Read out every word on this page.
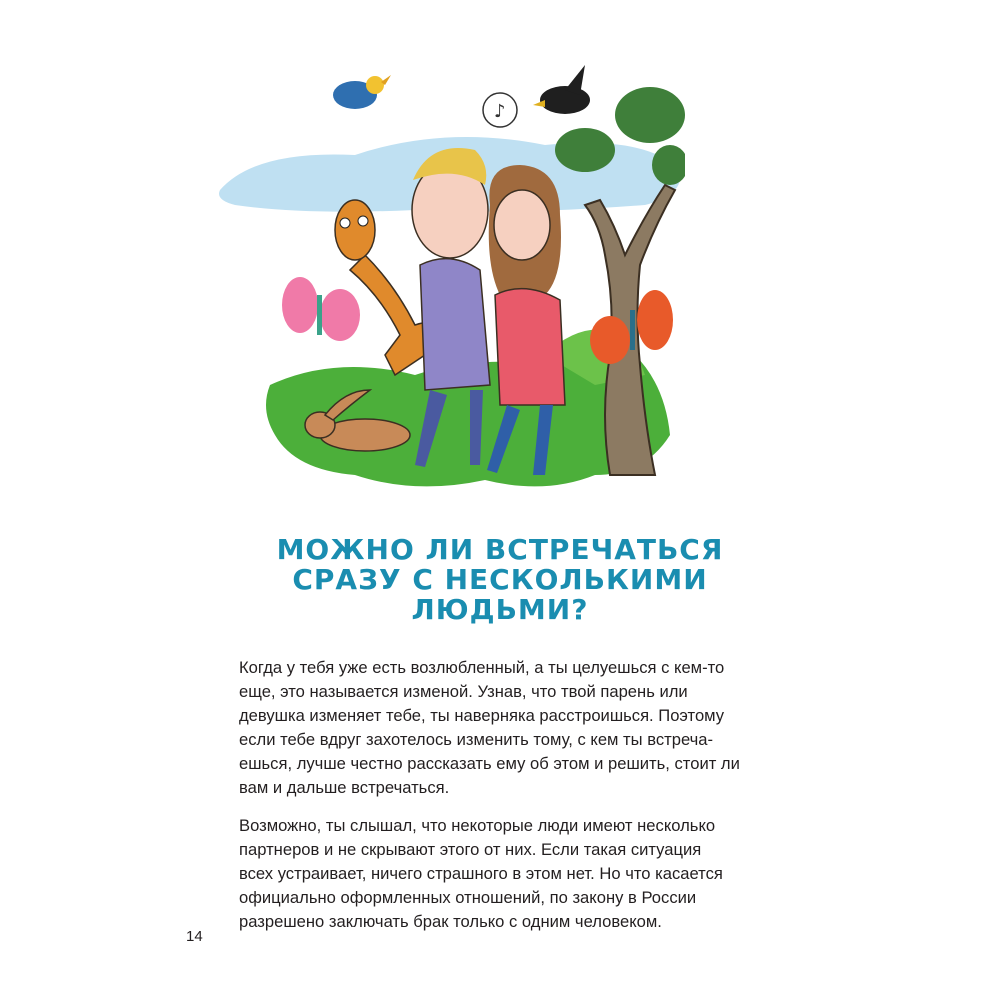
♪
МОЖНО ЛИ ВСТРЕЧАТЬСЯ
СРАЗУ С НЕСКОЛЬКИМИ
ЛЮДЬМИ?

Когда у тебя уже есть возлюбленный, а ты целуешься с кем-то
еще, это называется изменой. Узнав, что твой парень или
девушка изменяет тебе, ты наверняка расстроишься. Поэтому
если тебе вдруг захотелось изменить тому, с кем ты встреча-
ешься, лучше честно рассказать ему об этом и решить, стоит ли
вам и дальше встречаться.

Возможно, ты слышал, что некоторые люди имеют несколько
партнеров и не скрывают этого от них. Если такая ситуация
всех устраивает, ничего страшного в этом нет. Но что касается
официально оформленных отношений, по закону в России
разрешено заключать брак только с одним человеком.

14
